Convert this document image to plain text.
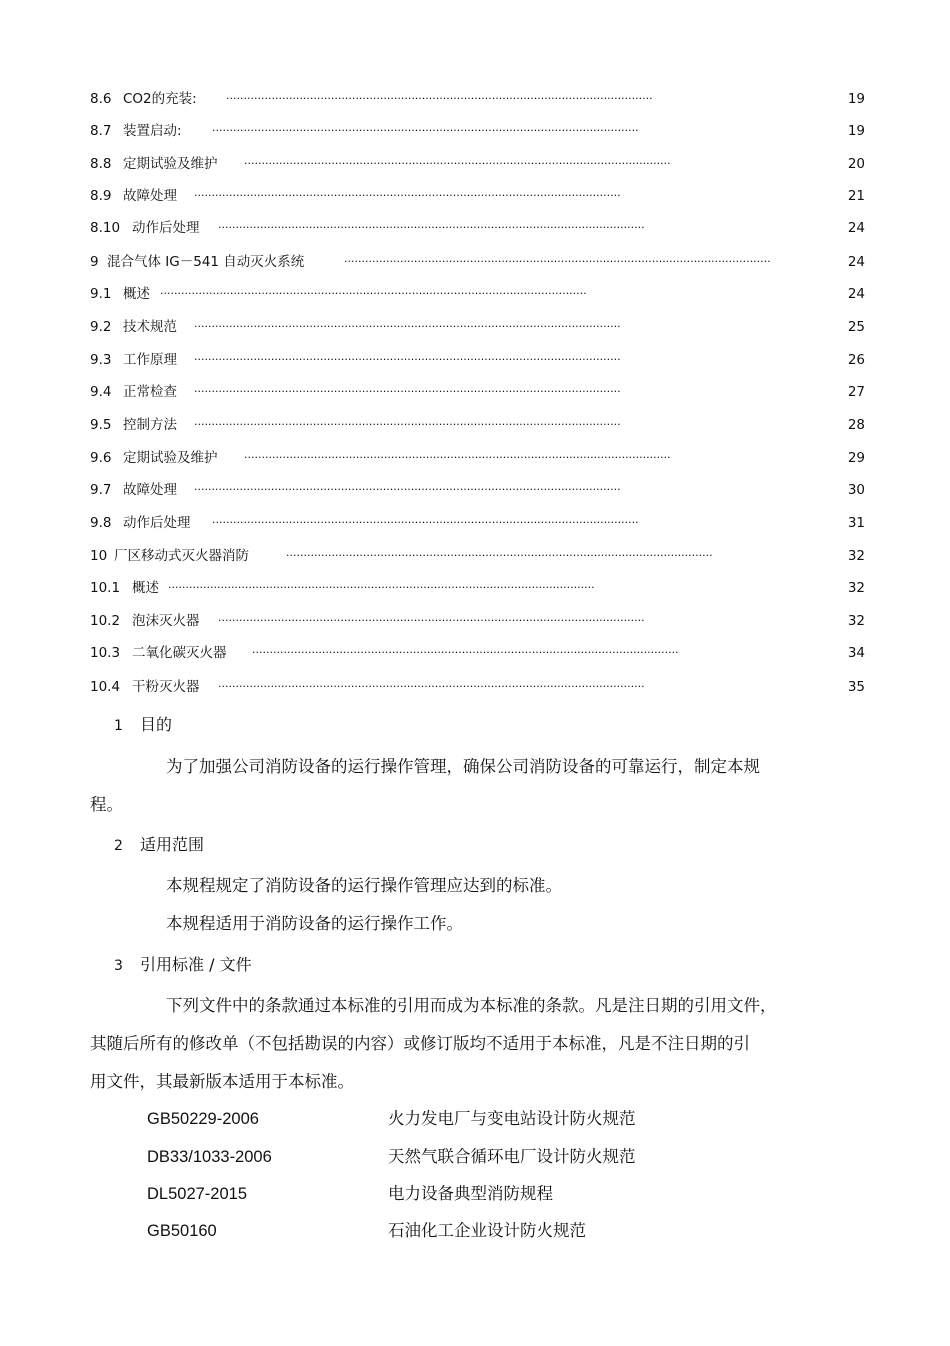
8.6 CO2的充装:	..........................................................................................................................	19
8.7 装置启动:	..........................................................................................................................	19
8.8 定期试验及维护 ..........................................................................................................................	20
8.9 故障处理 ..........................................................................................................................	21
8.10 动作后处理 ..........................................................................................................................	24
9 混合气体 IG－541 自动灭火系统	..........................................................................................................................	24
9.1 概述 ..........................................................................................................................	24
9.2 技术规范 ..........................................................................................................................	25
9.3 工作原理 ..........................................................................................................................	26
9.4 正常检查 ..........................................................................................................................	27
9.5 控制方法 ..........................................................................................................................	28
9.6 定期试验及维护 ..........................................................................................................................	29
9.7 故障处理 ..........................................................................................................................	30
9.8 动作后处理 ..........................................................................................................................	31
10 厂区移动式灭火器消防	..........................................................................................................................	32
10.1 概述 ..........................................................................................................................	32
10.2 泡沫灭火器 ..........................................................................................................................	32
10.3 二氧化碳灭火器 ..........................................................................................................................	34
10.4 干粉灭火器 ..........................................................................................................................	35
1 目的
为了加强公司消防设备的运行操作管理，确保公司消防设备的可靠运行，制定本规
程。
2 适用范围
本规程规定了消防设备的运行操作管理应达到的标准。
本规程适用于消防设备的运行操作工作。
3 引用标准 / 文件
下列文件中的条款通过本标准的引用而成为本标准的条款。凡是注日期的引用文件，
其随后所有的修改单（不包括勘误的内容）或修订版均不适用于本标准，凡是不注日期的引
用文件，其最新版本适用于本标准。
GB50229-2006	火力发电厂与变电站设计防火规范
DB33/1033-2006	天然气联合循环电厂设计防火规范
DL5027-2015	电力设备典型消防规程
GB50160	石油化工企业设计防火规范
